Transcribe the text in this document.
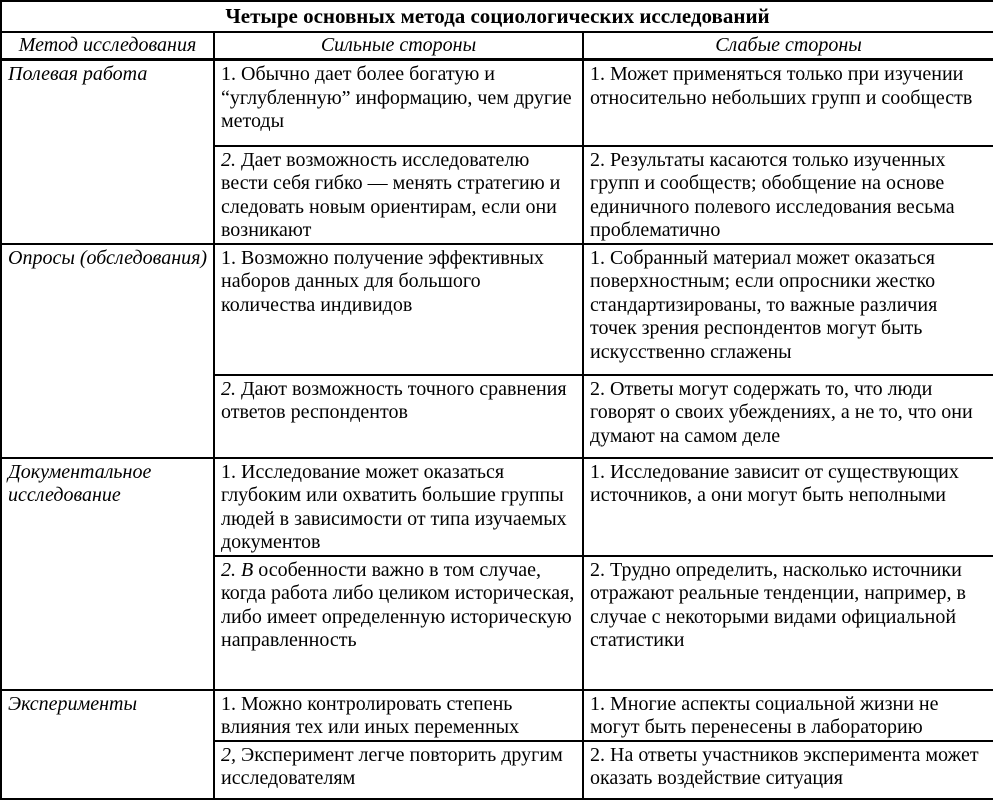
Четыре основных метода социологических исследований		
Метод исследования	Сильные стороны	Слабые стороны
Полевая работа	1. Обычно дает более богатую и “углубленную” информацию, чем другие методы	1. Может применяться только при изучении относительно небольших групп и сообществ
	2. Дает возможность исследователю вести себя гибко — менять стратегию и следовать новым ориентирам, если они возникают	2. Результаты касаются только изученных групп и сообществ; обобщение на основе единичного полевого исследования весьма проблематично
Опросы (обследования)	1. Возможно получение эффективных наборов данных для большого количества индивидов	1. Собранный материал может оказаться поверхностным; если опросники жестко стандартизированы, то важные различия точек зрения респондентов могут быть искусственно сглажены
	2. Дают возможность точного сравнения ответов респондентов	2. Ответы могут содержать то, что люди говорят о своих убеждениях, а не то, что они думают на самом деле
Документальное исследование	1. Исследование может оказаться глубоким или охватить большие группы людей в зависимости от типа изучаемых документов	1. Исследование зависит от существующих источников, а они могут быть неполными
	2. В особенности важно в том случае, когда работа либо целиком историческая, либо имеет определенную историческую направленность	2. Трудно определить, насколько источники отражают реальные тенденции, например, в случае с некоторыми видами официальной статистики
Эксперименты	1. Можно контролировать степень влияния тех или иных переменных	1. Многие аспекты социальной жизни не могут быть перенесены в лабораторию
	2, Эксперимент легче повторить другим исследователям	2. На ответы участников эксперимента может оказать воздействие ситуация
